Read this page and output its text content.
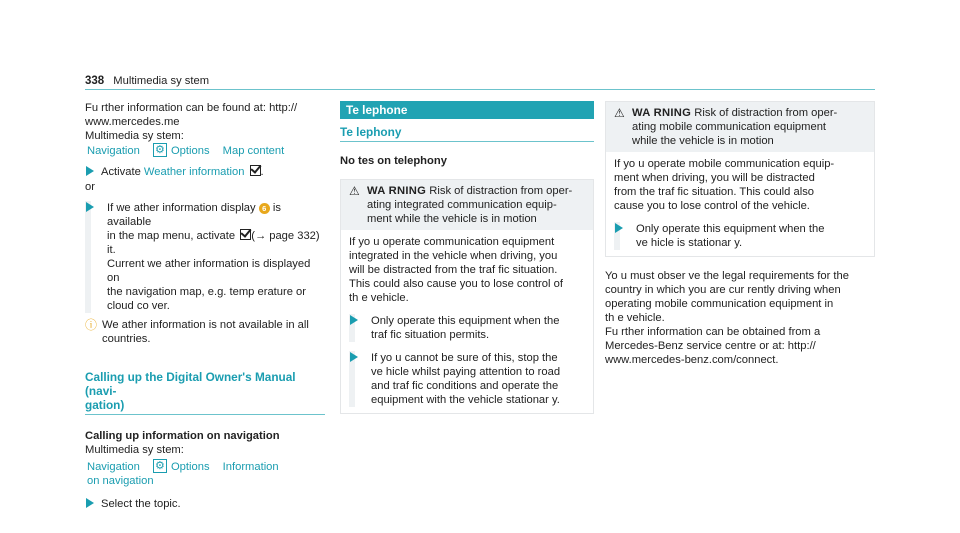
338 Multimedia sy stem

Fu rther information can be found at: http://

www.mercedes.me

Multimedia sy stem:

Navigation ⚙	Options Map content

Activate Weather information .

or

If we ather information display 6 is available

in the map menu, activate (→ page 332)

it.

Current we ather information is displayed on

the navigation map, e.g. temp erature or

cloud co ver.

ⓘ We ather information is not available in all

countries.

Calling up the Digital Owner's Manual (navi-

gation)

Calling up information on navigation

Multimedia sy stem:

Navigation ⚙	Options Information

on navigation

Select the topic.
Te lephone
Te lephony

No tes on telephony

⚠ WA RNING Risk of distraction from oper-

ating integrated communication equip-

ment while the vehicle is in motion

If yo u operate communication equipment

integrated in the vehicle when driving, you

will be distracted from the traf fic situation.

This could also cause you to lose control of

th e vehicle.

Only operate this equipment when the

traf fic situation permits.

If yo u cannot be sure of this, stop the

ve hicle whilst paying attention to road

and traf fic conditions and operate the

equipment with the vehicle stationar y.

⚠ WA RNING Risk of distraction from oper-

ating mobile communication equipment

while the vehicle is in motion

If yo u operate mobile communication equip-

ment when driving, you will be distracted

from the traf fic situation. This could also

cause you to lose control of the vehicle.

Only operate this equipment when the

ve hicle is stationar y.

Yo u must obser ve the legal requirements for the

country in which you are cur rently driving when

operating mobile communication equipment in

th e vehicle.

Fu rther information can be obtained from a

Mercedes-Benz service centre or at: http://

www.mercedes-benz.com/connect.
